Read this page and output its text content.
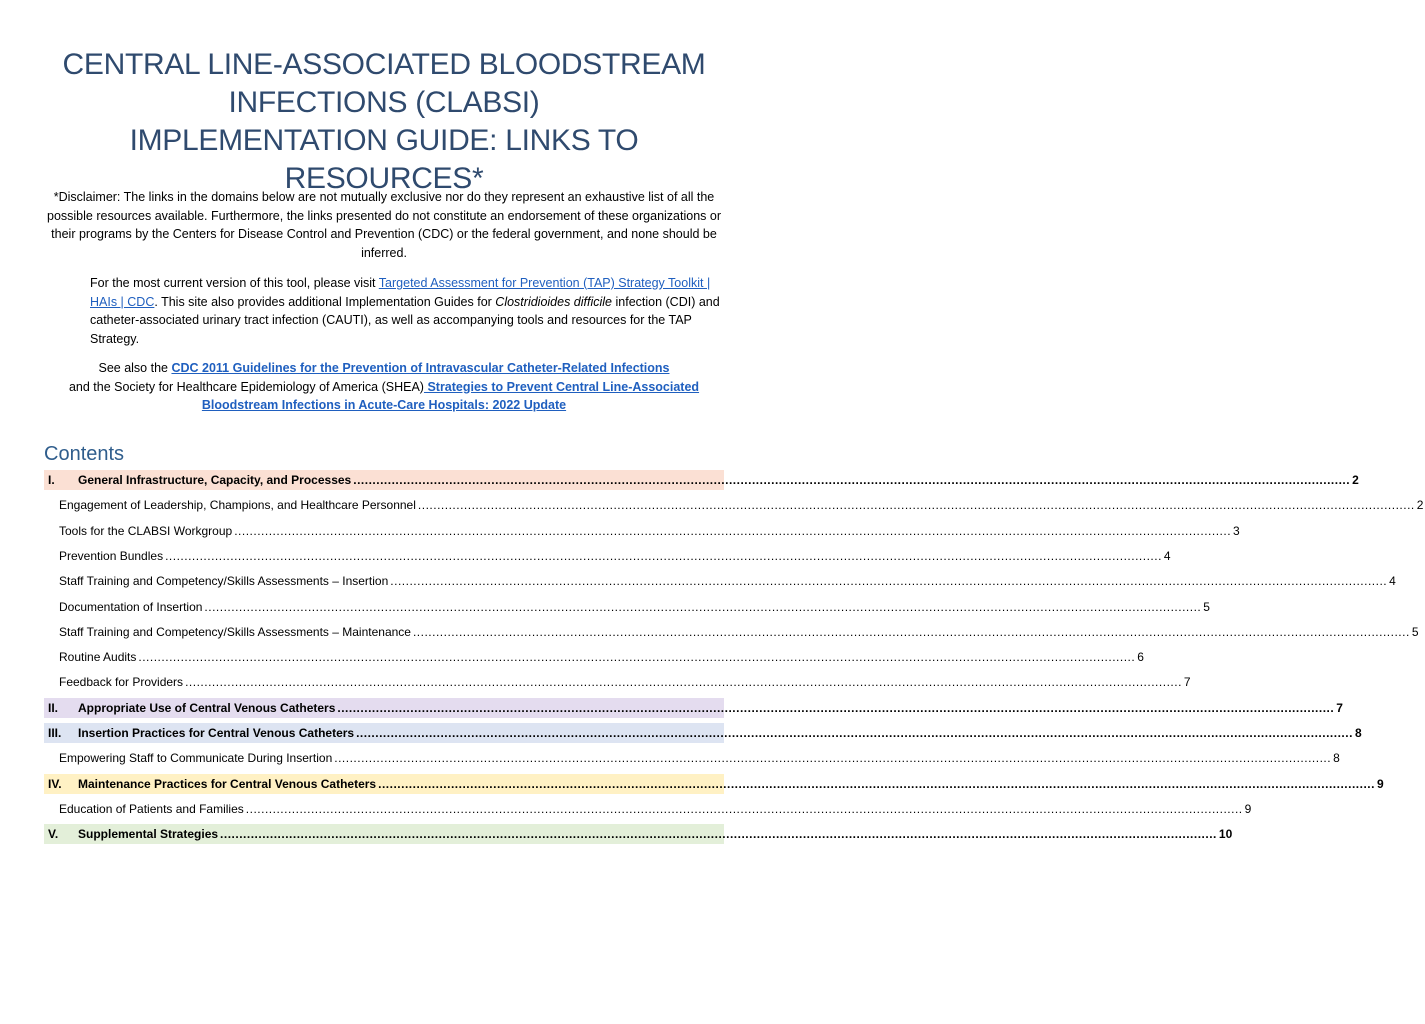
CENTRAL LINE-ASSOCIATED BLOODSTREAM
INFECTIONS (CLABSI)
IMPLEMENTATION GUIDE: LINKS TO RESOURCES*

*Disclaimer: The links in the domains below are not mutually exclusive nor do they represent an exhaustive list of all the possible resources available. Furthermore, the links presented do not constitute an endorsement of these organizations or their programs by the Centers for Disease Control and Prevention (CDC) or the federal government, and none should be inferred.

For the most current version of this tool, please visit Targeted Assessment for Prevention (TAP) Strategy Toolkit | HAIs | CDC. This site also provides additional Implementation Guides for Clostridioides difficile infection (CDI) and catheter-associated urinary tract infection (CAUTI), as well as accompanying tools and resources for the TAP Strategy.

See also the CDC 2011 Guidelines for the Prevention of Intravascular Catheter-Related Infections
and the Society for Healthcare Epidemiology of America (SHEA) Strategies to Prevent Central Line-Associated Bloodstream Infections in Acute-Care Hospitals: 2022 Update

Contents
I.	General Infrastructure, Capacity, and Processes .................................................................................................................................................................................................................................................................... 2
Engagement of Leadership, Champions, and Healthcare Personnel .................................................................................................................................................................................................................................................................... 2
Tools for the CLABSI Workgroup .................................................................................................................................................................................................................................................................... 3
Prevention Bundles .................................................................................................................................................................................................................................................................... 4
Staff Training and Competency/Skills Assessments – Insertion .................................................................................................................................................................................................................................................................... 4
Documentation of Insertion .................................................................................................................................................................................................................................................................... 5
Staff Training and Competency/Skills Assessments – Maintenance .................................................................................................................................................................................................................................................................... 5
Routine Audits .................................................................................................................................................................................................................................................................... 6
Feedback for Providers .................................................................................................................................................................................................................................................................... 7
II.	Appropriate Use of Central Venous Catheters .................................................................................................................................................................................................................................................................... 7
III.	Insertion Practices for Central Venous Catheters .................................................................................................................................................................................................................................................................... 8
Empowering Staff to Communicate During Insertion .................................................................................................................................................................................................................................................................... 8
IV.	Maintenance Practices for Central Venous Catheters .................................................................................................................................................................................................................................................................... 9
Education of Patients and Families .................................................................................................................................................................................................................................................................... 9
V.	Supplemental Strategies .................................................................................................................................................................................................................................................................... 10
